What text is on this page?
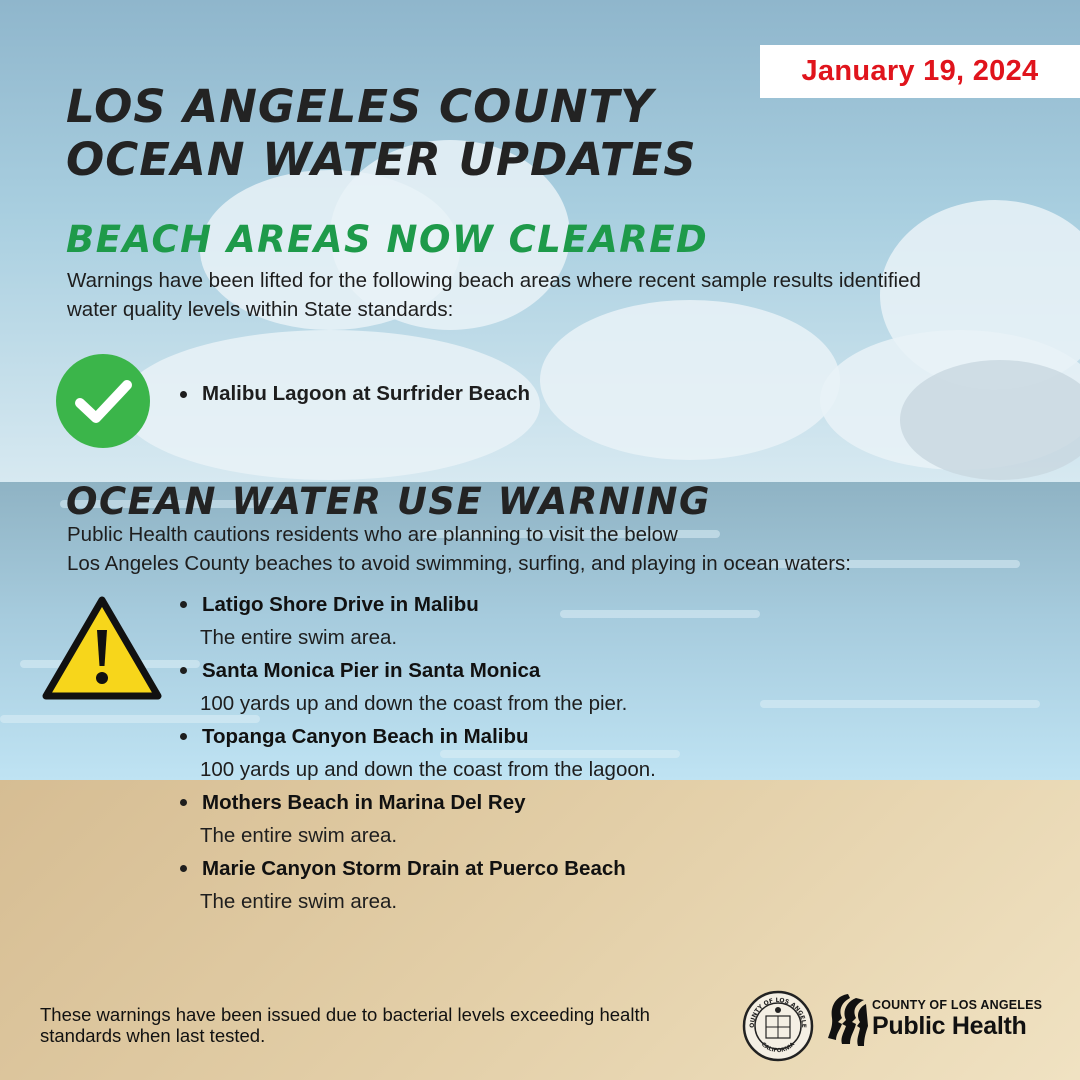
January 19, 2024
LOS ANGELES COUNTY
OCEAN WATER UPDATES
BEACH AREAS NOW CLEARED
Warnings have been lifted for the following beach areas where recent sample results identified water quality levels within State standards:
Malibu Lagoon at Surfrider Beach
OCEAN WATER USE WARNING
Public Health cautions residents who are planning to visit the below
Los Angeles County beaches to avoid swimming, surfing, and playing in ocean waters:
Latigo Shore Drive in Malibu
The entire swim area.
Santa Monica Pier in Santa Monica
100 yards up and down the coast from the pier.
Topanga Canyon Beach in Malibu
100 yards up and down the coast from the lagoon.
Mothers Beach in Marina Del Rey
The entire swim area.
Marie Canyon Storm Drain at Puerco Beach
The entire swim area.
These warnings have been issued due to bacterial levels exceeding health standards when last tested.	OUNTY OF LOS ANGELE
CALIFORNIA
COUNTY OF LOS ANGELES
Public Health
